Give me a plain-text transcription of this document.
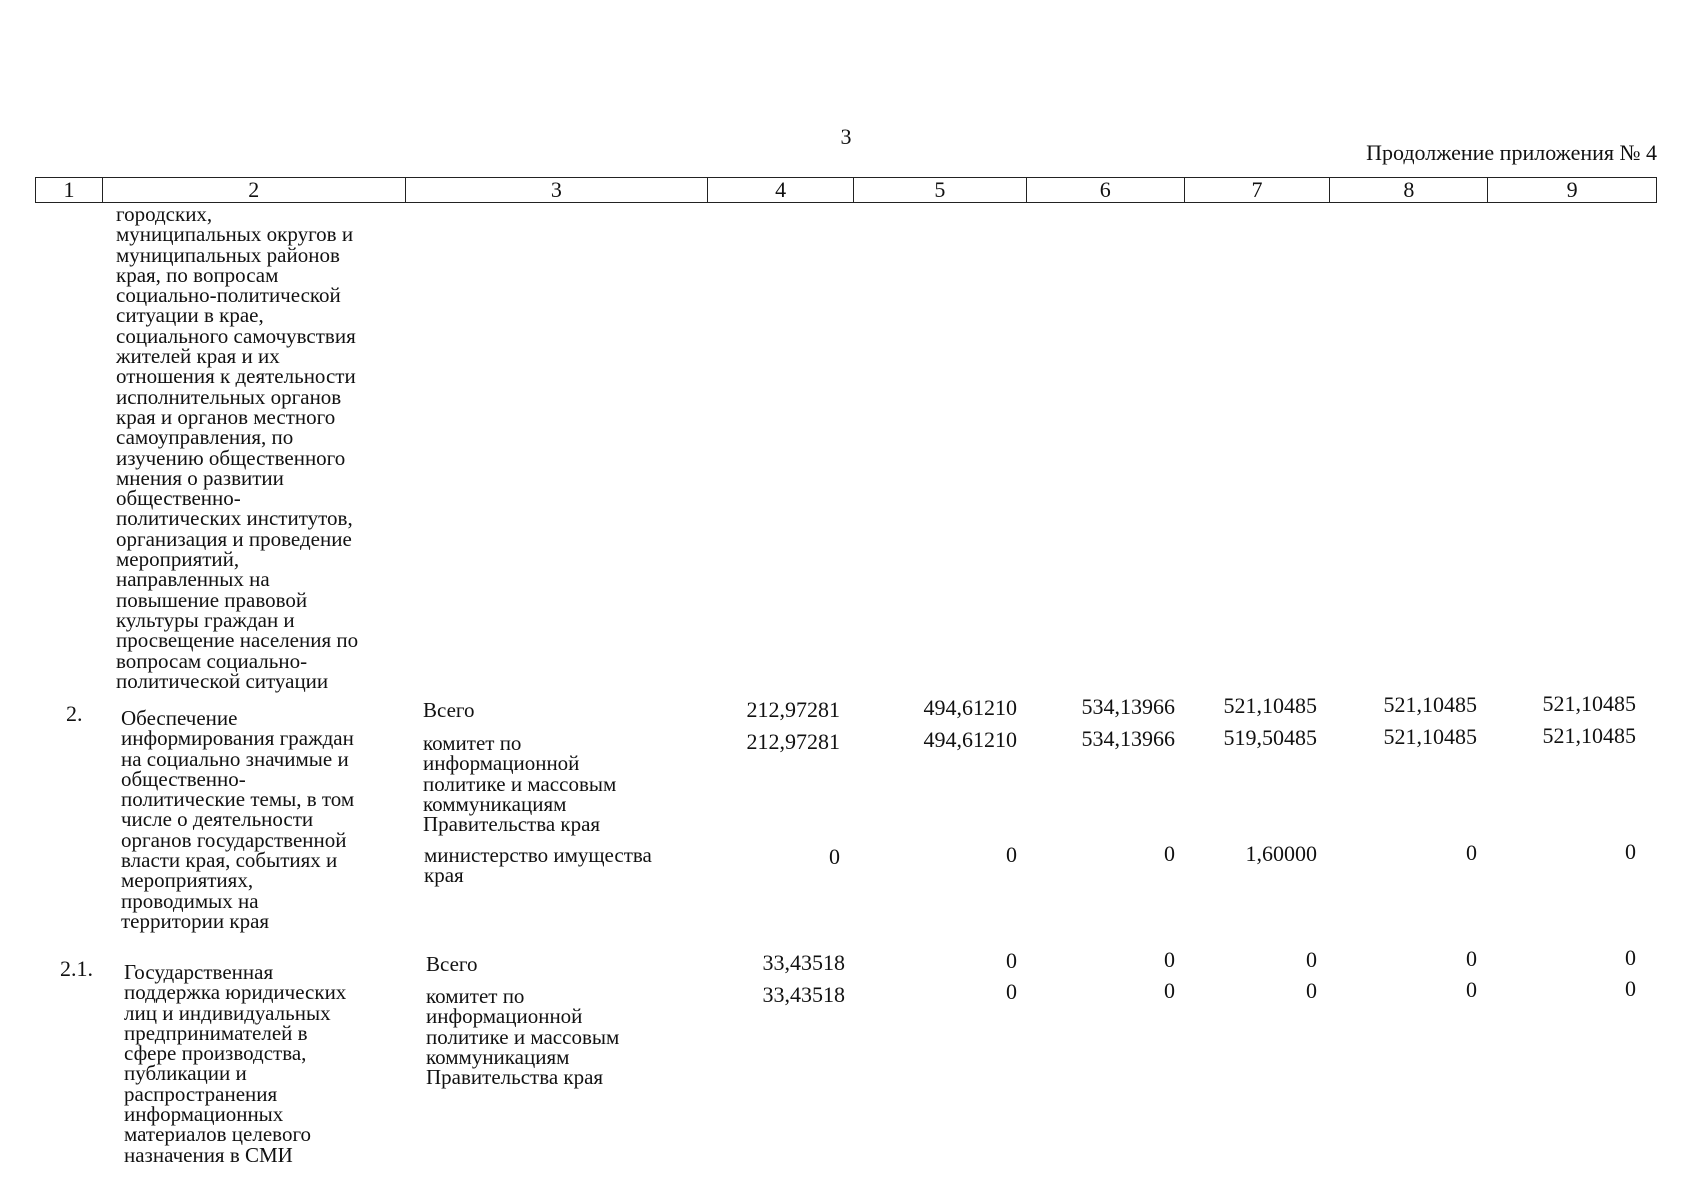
3
Продолжение приложения № 4
1	2	3	4	5	6	7	8	9
городских,
муниципальных округов и
муниципальных районов
края, по вопросам
социально-политической
ситуации в крае,
социального самочувствия
жителей края и их
отношения к деятельности
исполнительных органов
края и органов местного
самоуправления, по
изучению общественного
мнения о развитии
общественно-
политических институтов,
организация и проведение
мероприятий,
направленных на
повышение правовой
культуры граждан и
просвещение населения по
вопросам социально-
политической ситуации
2. Обеспечение
информирования граждан
на социально значимые и
общественно-
политические темы, в том
числе о деятельности
органов государственной
власти края, событиях и
мероприятиях,
проводимых на
территории края
Всего	212,97281	494,61210	534,13966	521,10485	521,10485	521,10485
комитет по
информационной
политике и массовым
коммуникациям
Правительства края
212,97281	494,61210	534,13966	519,50485	521,10485	521,10485
министерство имущества
края
0	0	0	1,60000	0	0
2.1. Государственная
поддержка юридических
лиц и индивидуальных
предпринимателей в
сфере производства,
публикации и
распространения
информационных
материалов целевого
назначения в СМИ
Всего	33,43518	0	0	0	0	0
комитет по
информационной
политике и массовым
коммуникациям
Правительства края
33,43518	0	0	0	0	0
